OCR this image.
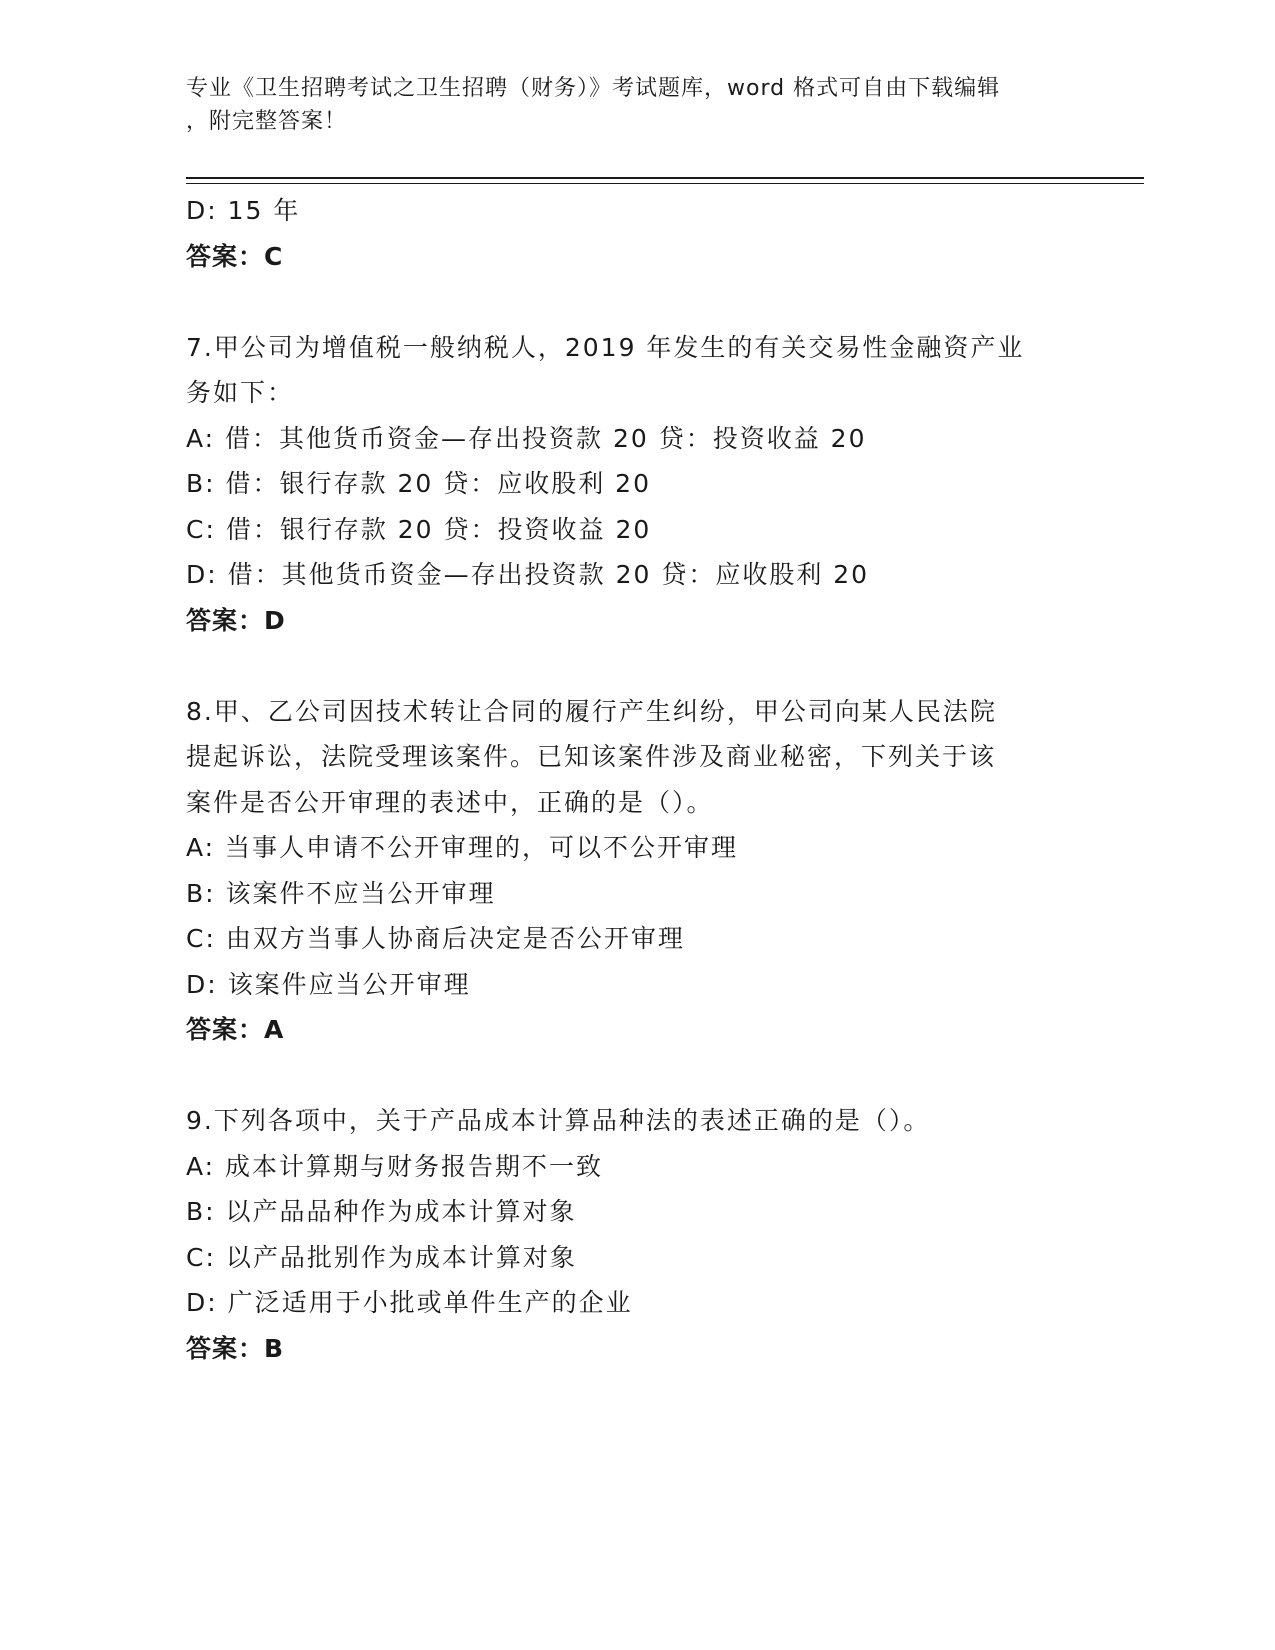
专业《卫生招聘考试之卫生招聘（财务）》考试题库，word 格式可自由下载编辑
，附完整答案！
D: 15 年
答案：C
7.甲公司为增值税一般纳税人，2019 年发生的有关交易性金融资产业
务如下：
A: 借：其他货币资金—存出投资款 20 贷：投资收益 20
B: 借：银行存款 20 贷：应收股利 20
C: 借：银行存款 20 贷：投资收益 20
D: 借：其他货币资金—存出投资款 20 贷：应收股利 20
答案：D
8.甲、乙公司因技术转让合同的履行产生纠纷，甲公司向某人民法院
提起诉讼，法院受理该案件。已知该案件涉及商业秘密，下列关于该
案件是否公开审理的表述中，正确的是（）。
A: 当事人申请不公开审理的，可以不公开审理
B: 该案件不应当公开审理
C: 由双方当事人协商后决定是否公开审理
D: 该案件应当公开审理
答案：A
9.下列各项中，关于产品成本计算品种法的表述正确的是（）。
A: 成本计算期与财务报告期不一致
B: 以产品品种作为成本计算对象
C: 以产品批别作为成本计算对象
D: 广泛适用于小批或单件生产的企业
答案：B
